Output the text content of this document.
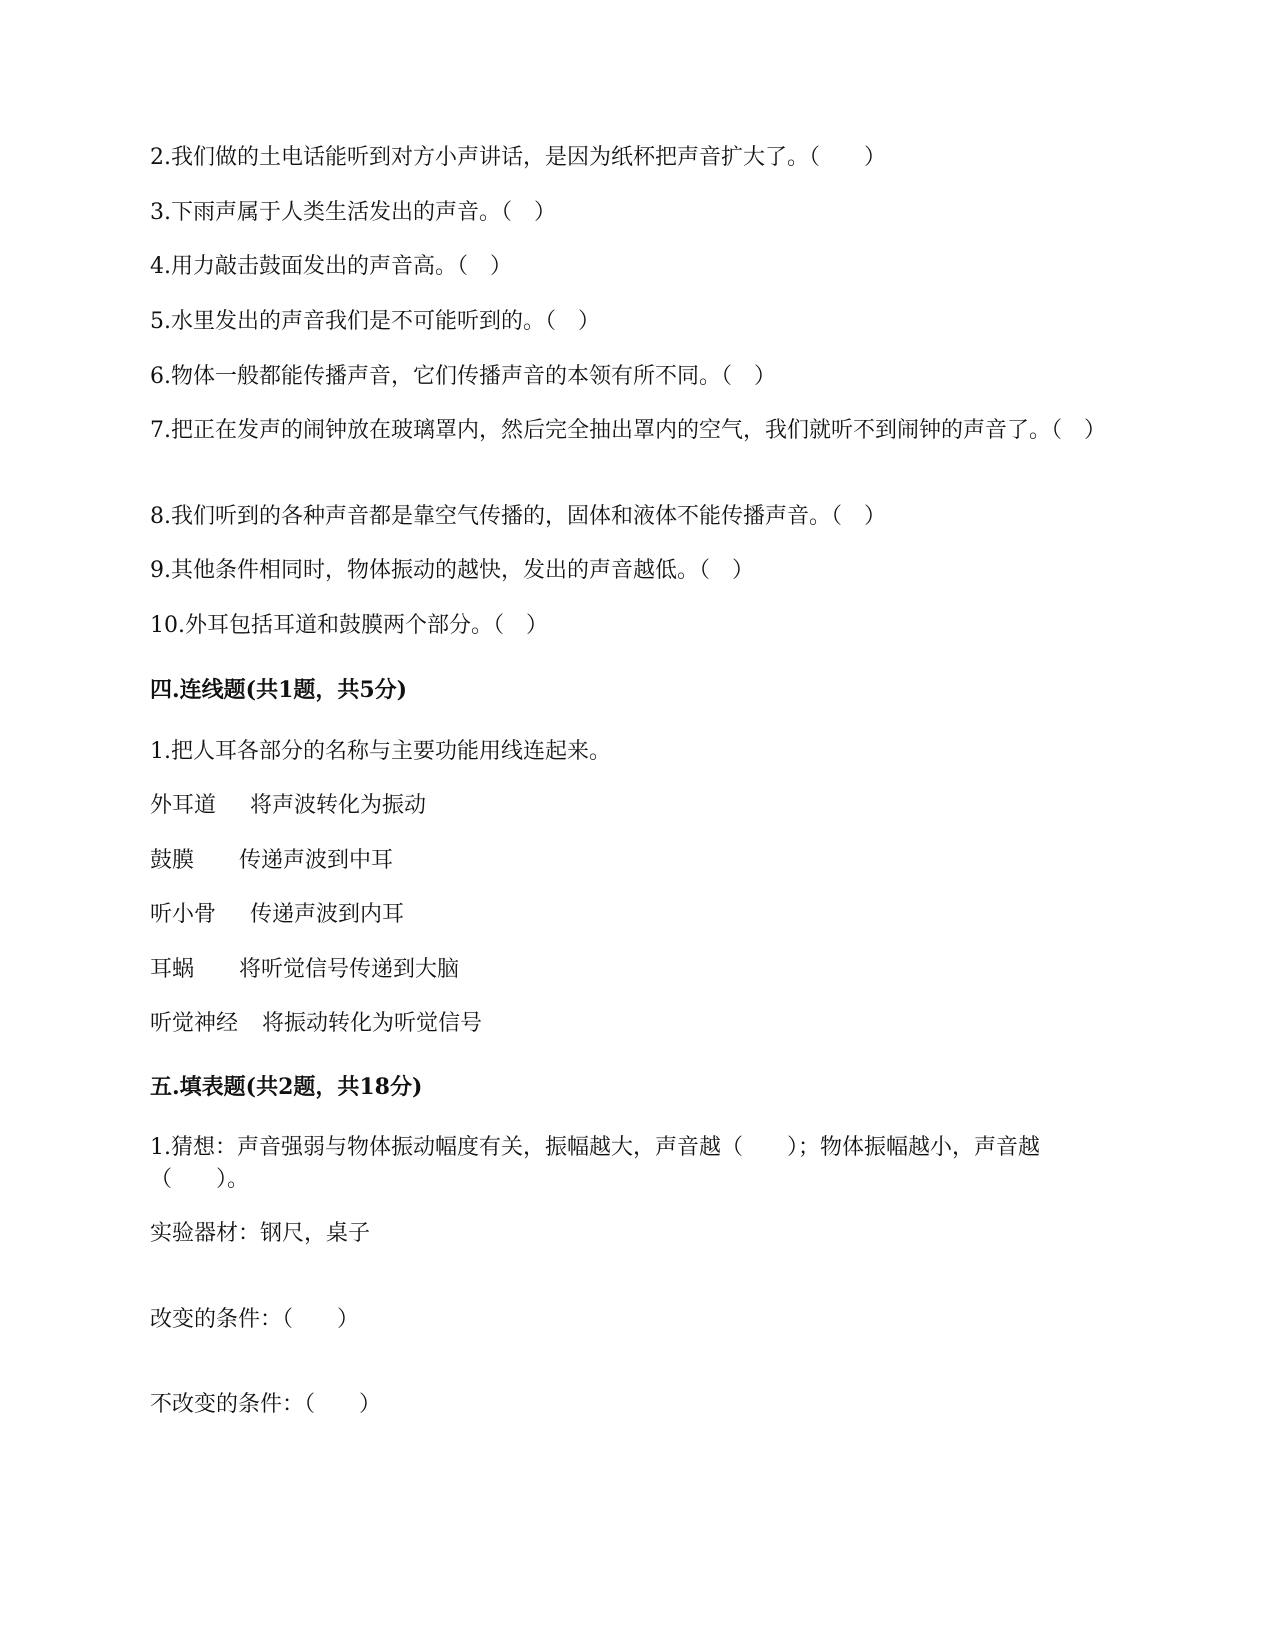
2.我们做的土电话能听到对方小声讲话，是因为纸杯把声音扩大了。（　　）
3.下雨声属于人类生活发出的声音。（　）
4.用力敲击鼓面发出的声音高。（　）
5.水里发出的声音我们是不可能听到的。（　）
6.物体一般都能传播声音，它们传播声音的本领有所不同。（　）
7.把正在发声的闹钟放在玻璃罩内，然后完全抽出罩内的空气，我们就听不到闹钟的声音了。（　）
8.我们听到的各种声音都是靠空气传播的，固体和液体不能传播声音。（　）
9.其他条件相同时，物体振动的越快，发出的声音越低。（　）
10.外耳包括耳道和鼓膜两个部分。（　）
四.连线题(共1题，共5分)
1.把人耳各部分的名称与主要功能用线连起来。
外耳道 将声波转化为振动
鼓膜 传递声波到中耳
听小骨 传递声波到内耳
耳蜗 将听觉信号传递到大脑
听觉神经 将振动转化为听觉信号
五.填表题(共2题，共18分)
1.猜想：声音强弱与物体振动幅度有关，振幅越大，声音越（　　）；物体振幅越小，声音越（　　）。
实验器材：钢尺，桌子
改变的条件：（　　）
不改变的条件：（　　）
